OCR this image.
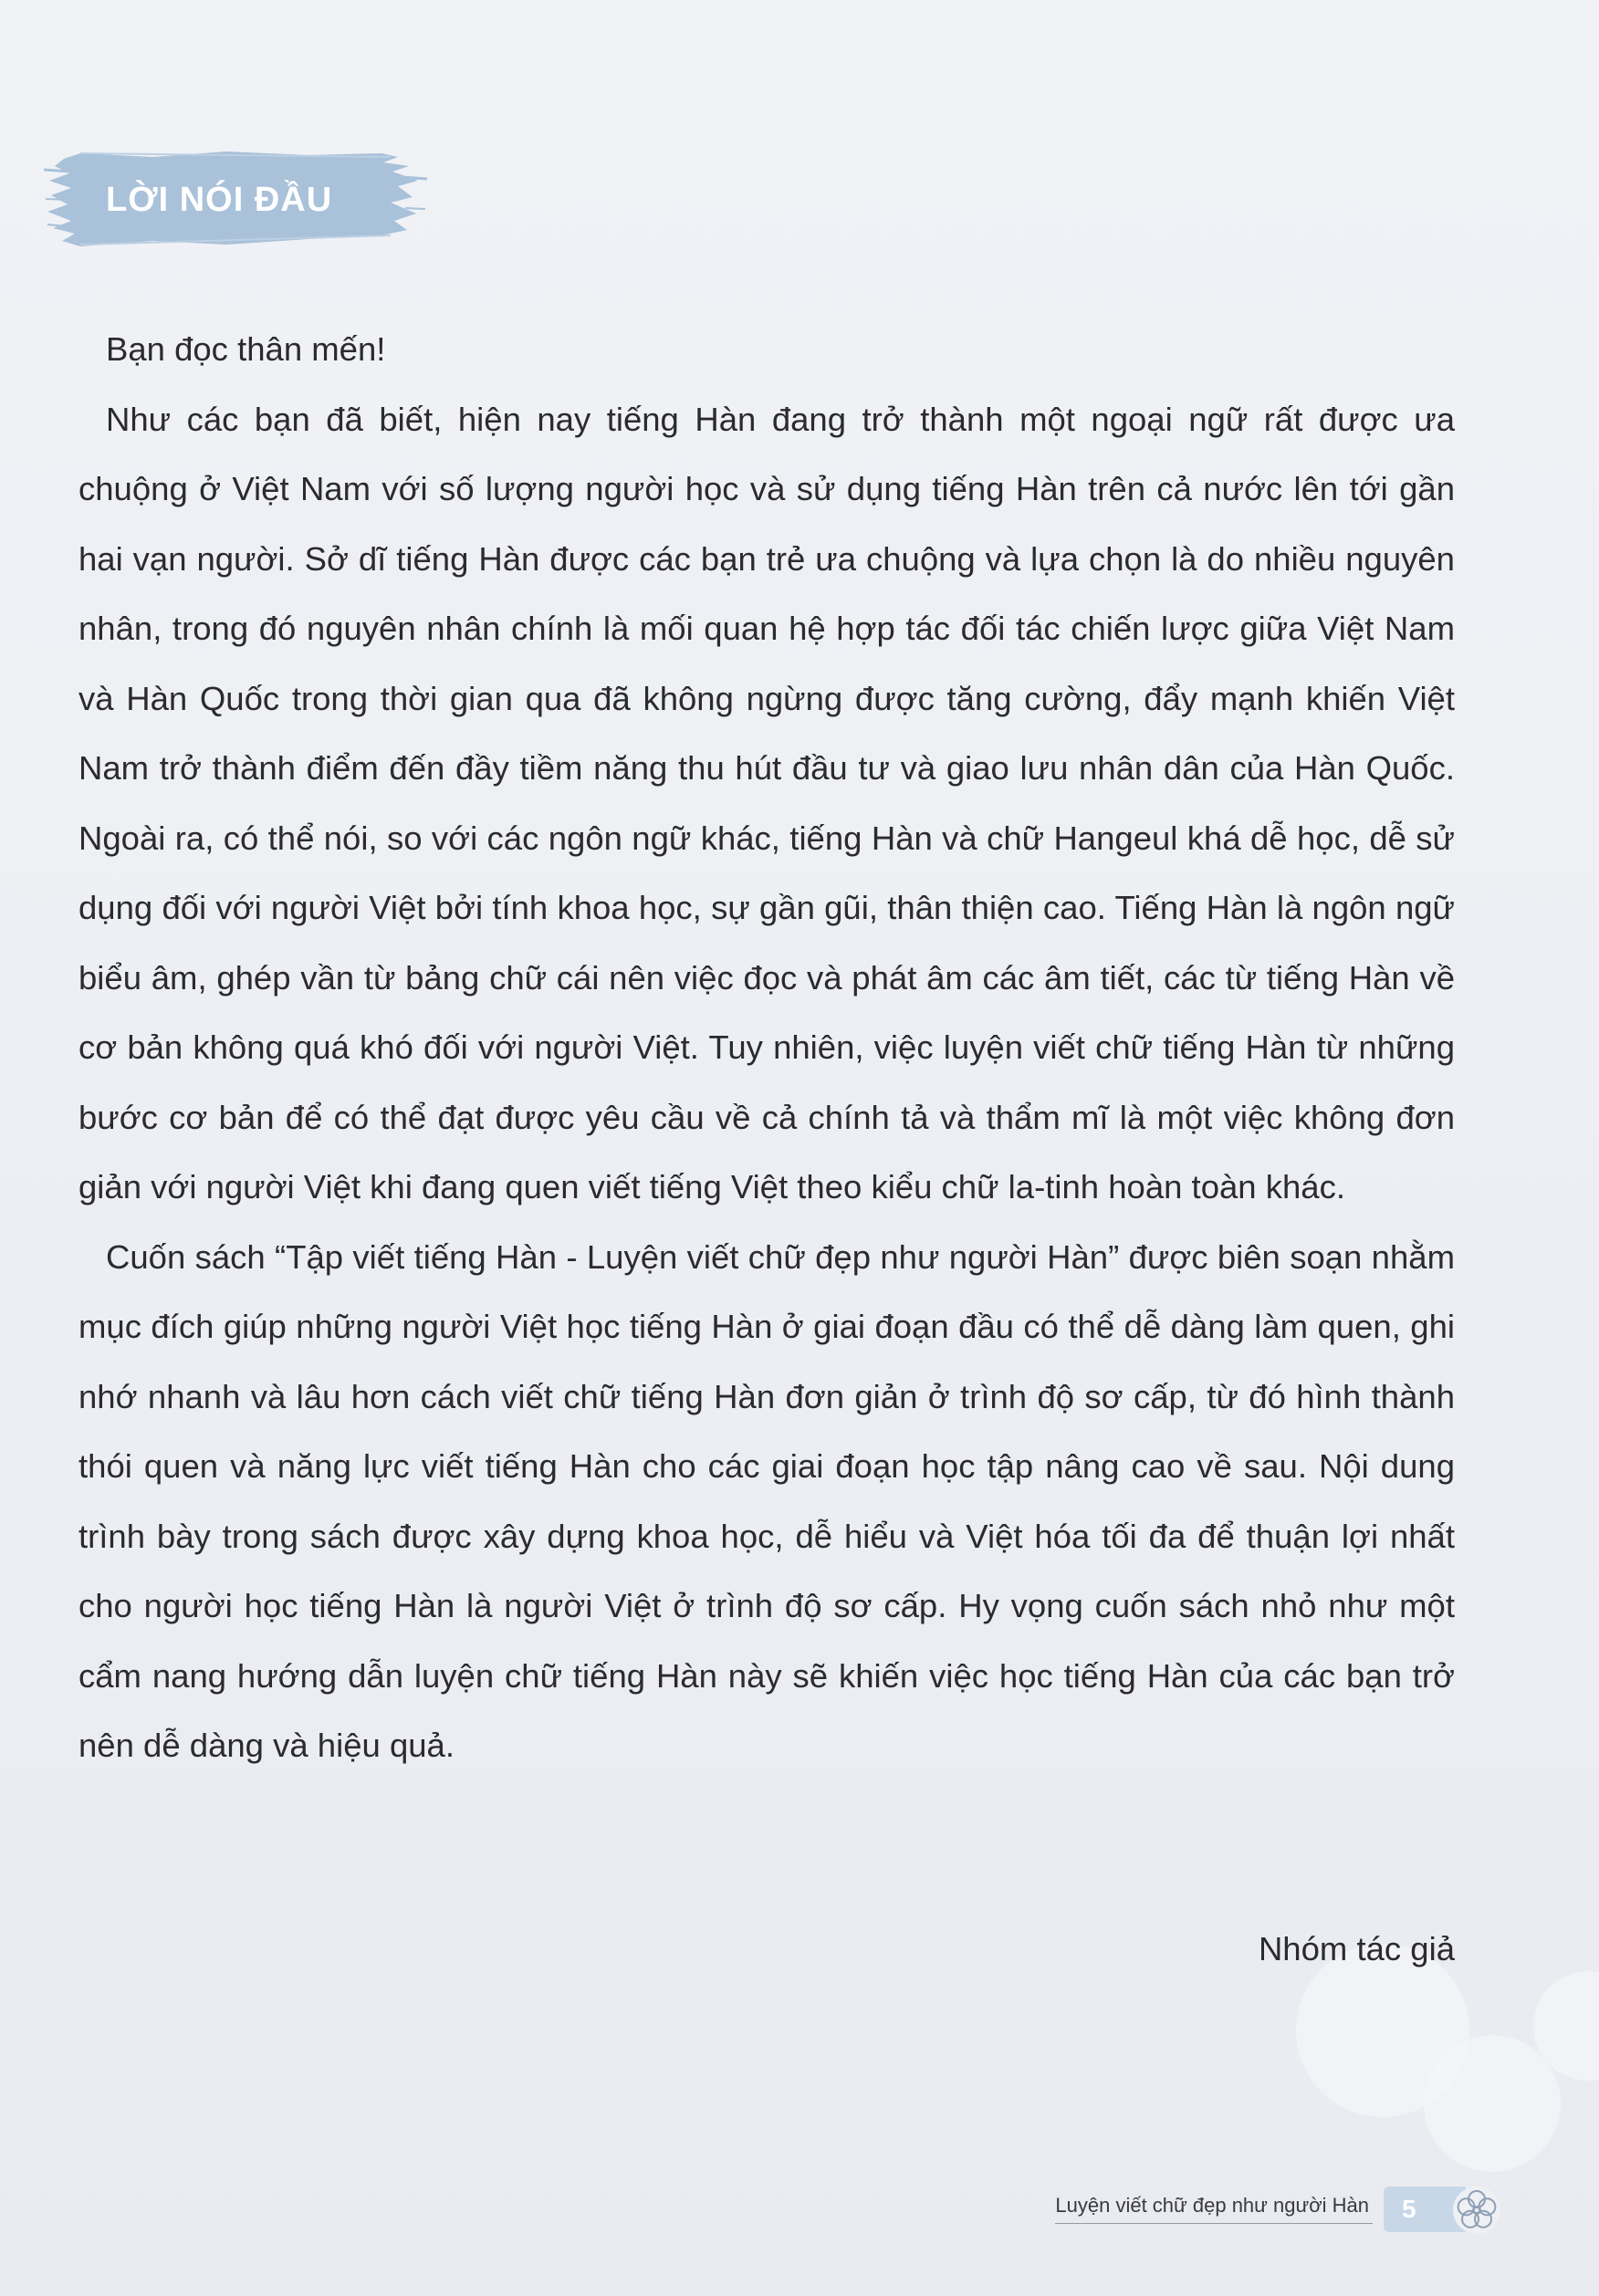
LỜI NÓI ĐẦU

Bạn đọc thân mến!

Như các bạn đã biết, hiện nay tiếng Hàn đang trở thành một ngoại ngữ rất được ưa chuộng ở Việt Nam với số lượng người học và sử dụng tiếng Hàn trên cả nước lên tới gần hai vạn người. Sở dĩ tiếng Hàn được các bạn trẻ ưa chuộng và lựa chọn là do nhiều nguyên nhân, trong đó nguyên nhân chính là mối quan hệ hợp tác đối tác chiến lược giữa Việt Nam và Hàn Quốc trong thời gian qua đã không ngừng được tăng cường, đẩy mạnh khiến Việt Nam trở thành điểm đến đầy tiềm năng thu hút đầu tư và giao lưu nhân dân của Hàn Quốc. Ngoài ra, có thể nói, so với các ngôn ngữ khác, tiếng Hàn và chữ Hangeul khá dễ học, dễ sử dụng đối với người Việt bởi tính khoa học, sự gần gũi, thân thiện cao. Tiếng Hàn là ngôn ngữ biểu âm, ghép vần từ bảng chữ cái nên việc đọc và phát âm các âm tiết, các từ tiếng Hàn về cơ bản không quá khó đối với người Việt. Tuy nhiên, việc luyện viết chữ tiếng Hàn từ những bước cơ bản để có thể đạt được yêu cầu về cả chính tả và thẩm mĩ là một việc không đơn giản với người Việt khi đang quen viết tiếng Việt theo kiểu chữ la-tinh hoàn toàn khác.

Cuốn sách “Tập viết tiếng Hàn - Luyện viết chữ đẹp như người Hàn” được biên soạn nhằm mục đích giúp những người Việt học tiếng Hàn ở giai đoạn đầu có thể dễ dàng làm quen, ghi nhớ nhanh và lâu hơn cách viết chữ tiếng Hàn đơn giản ở trình độ sơ cấp, từ đó hình thành thói quen và năng lực viết tiếng Hàn cho các giai đoạn học tập nâng cao về sau. Nội dung trình bày trong sách được xây dựng khoa học, dễ hiểu và Việt hóa tối đa để thuận lợi nhất cho người học tiếng Hàn là người Việt ở trình độ sơ cấp. Hy vọng cuốn sách nhỏ như một cẩm nang hướng dẫn luyện chữ tiếng Hàn này sẽ khiến việc học tiếng Hàn của các bạn trở nên dễ dàng và hiệu quả.

Nhóm tác giả
Luyện viết chữ đẹp như người Hàn 5
